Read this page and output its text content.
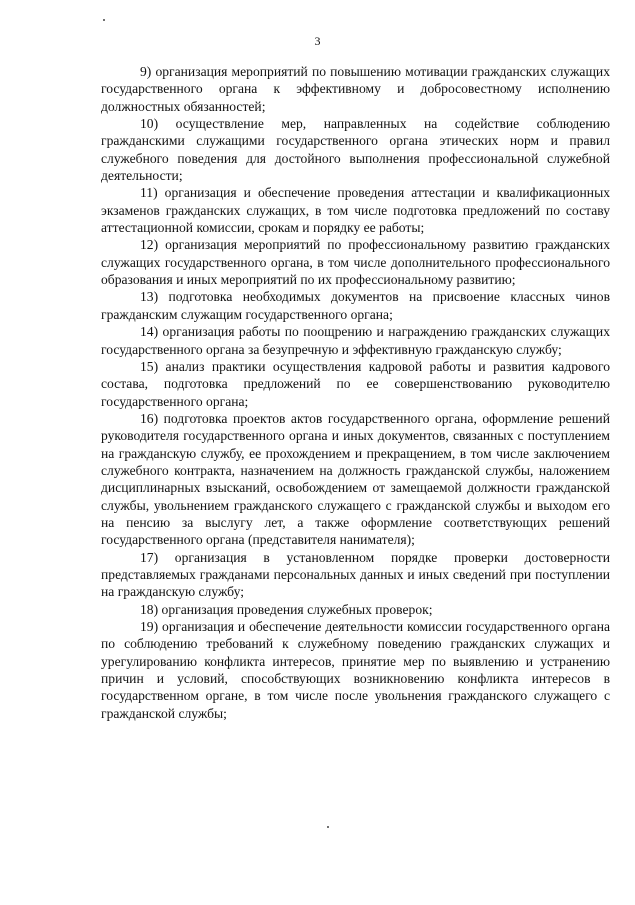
3

9) организация мероприятий по повышению мотивации гражданских служащих государственного органа к эффективному и добросовестному исполнению должностных обязанностей;

10) осуществление мер, направленных на содействие соблюдению гражданскими служащими государственного органа этических норм и правил служебного поведения для достойного выполнения профессиональной служебной деятельности;

11) организация и обеспечение проведения аттестации и квалификационных экзаменов гражданских служащих, в том числе подготовка предложений по составу аттестационной комиссии, срокам и порядку ее работы;

12) организация мероприятий по профессиональному развитию гражданских служащих государственного органа, в том числе дополнительного профессионального образования и иных мероприятий по их профессиональному развитию;

13) подготовка необходимых документов на присвоение классных чинов гражданским служащим государственного органа;

14) организация работы по поощрению и награждению гражданских служащих государственного органа за безупречную и эффективную гражданскую службу;

15) анализ практики осуществления кадровой работы и развития кадрового состава, подготовка предложений по ее совершенствованию руководителю государственного органа;

16) подготовка проектов актов государственного органа, оформление решений руководителя государственного органа и иных документов, связанных с поступлением на гражданскую службу, ее прохождением и прекращением, в том числе заключением служебного контракта, назначением на должность гражданской службы, наложением дисциплинарных взысканий, освобождением от замещаемой должности гражданской службы, увольнением гражданского служащего с гражданской службы и выходом его на пенсию за выслугу лет, а также оформление соответствующих решений государственного органа (представителя нанимателя);

17) организация в установленном порядке проверки достоверности представляемых гражданами персональных данных и иных сведений при поступлении на гражданскую службу;

18) организация проведения служебных проверок;

19) организация и обеспечение деятельности комиссии государственного органа по соблюдению требований к служебному поведению гражданских служащих и урегулированию конфликта интересов, принятие мер по выявлению и устранению причин и условий, способствующих возникновению конфликта интересов в государственном органе, в том числе после увольнения гражданского служащего с гражданской службы;
